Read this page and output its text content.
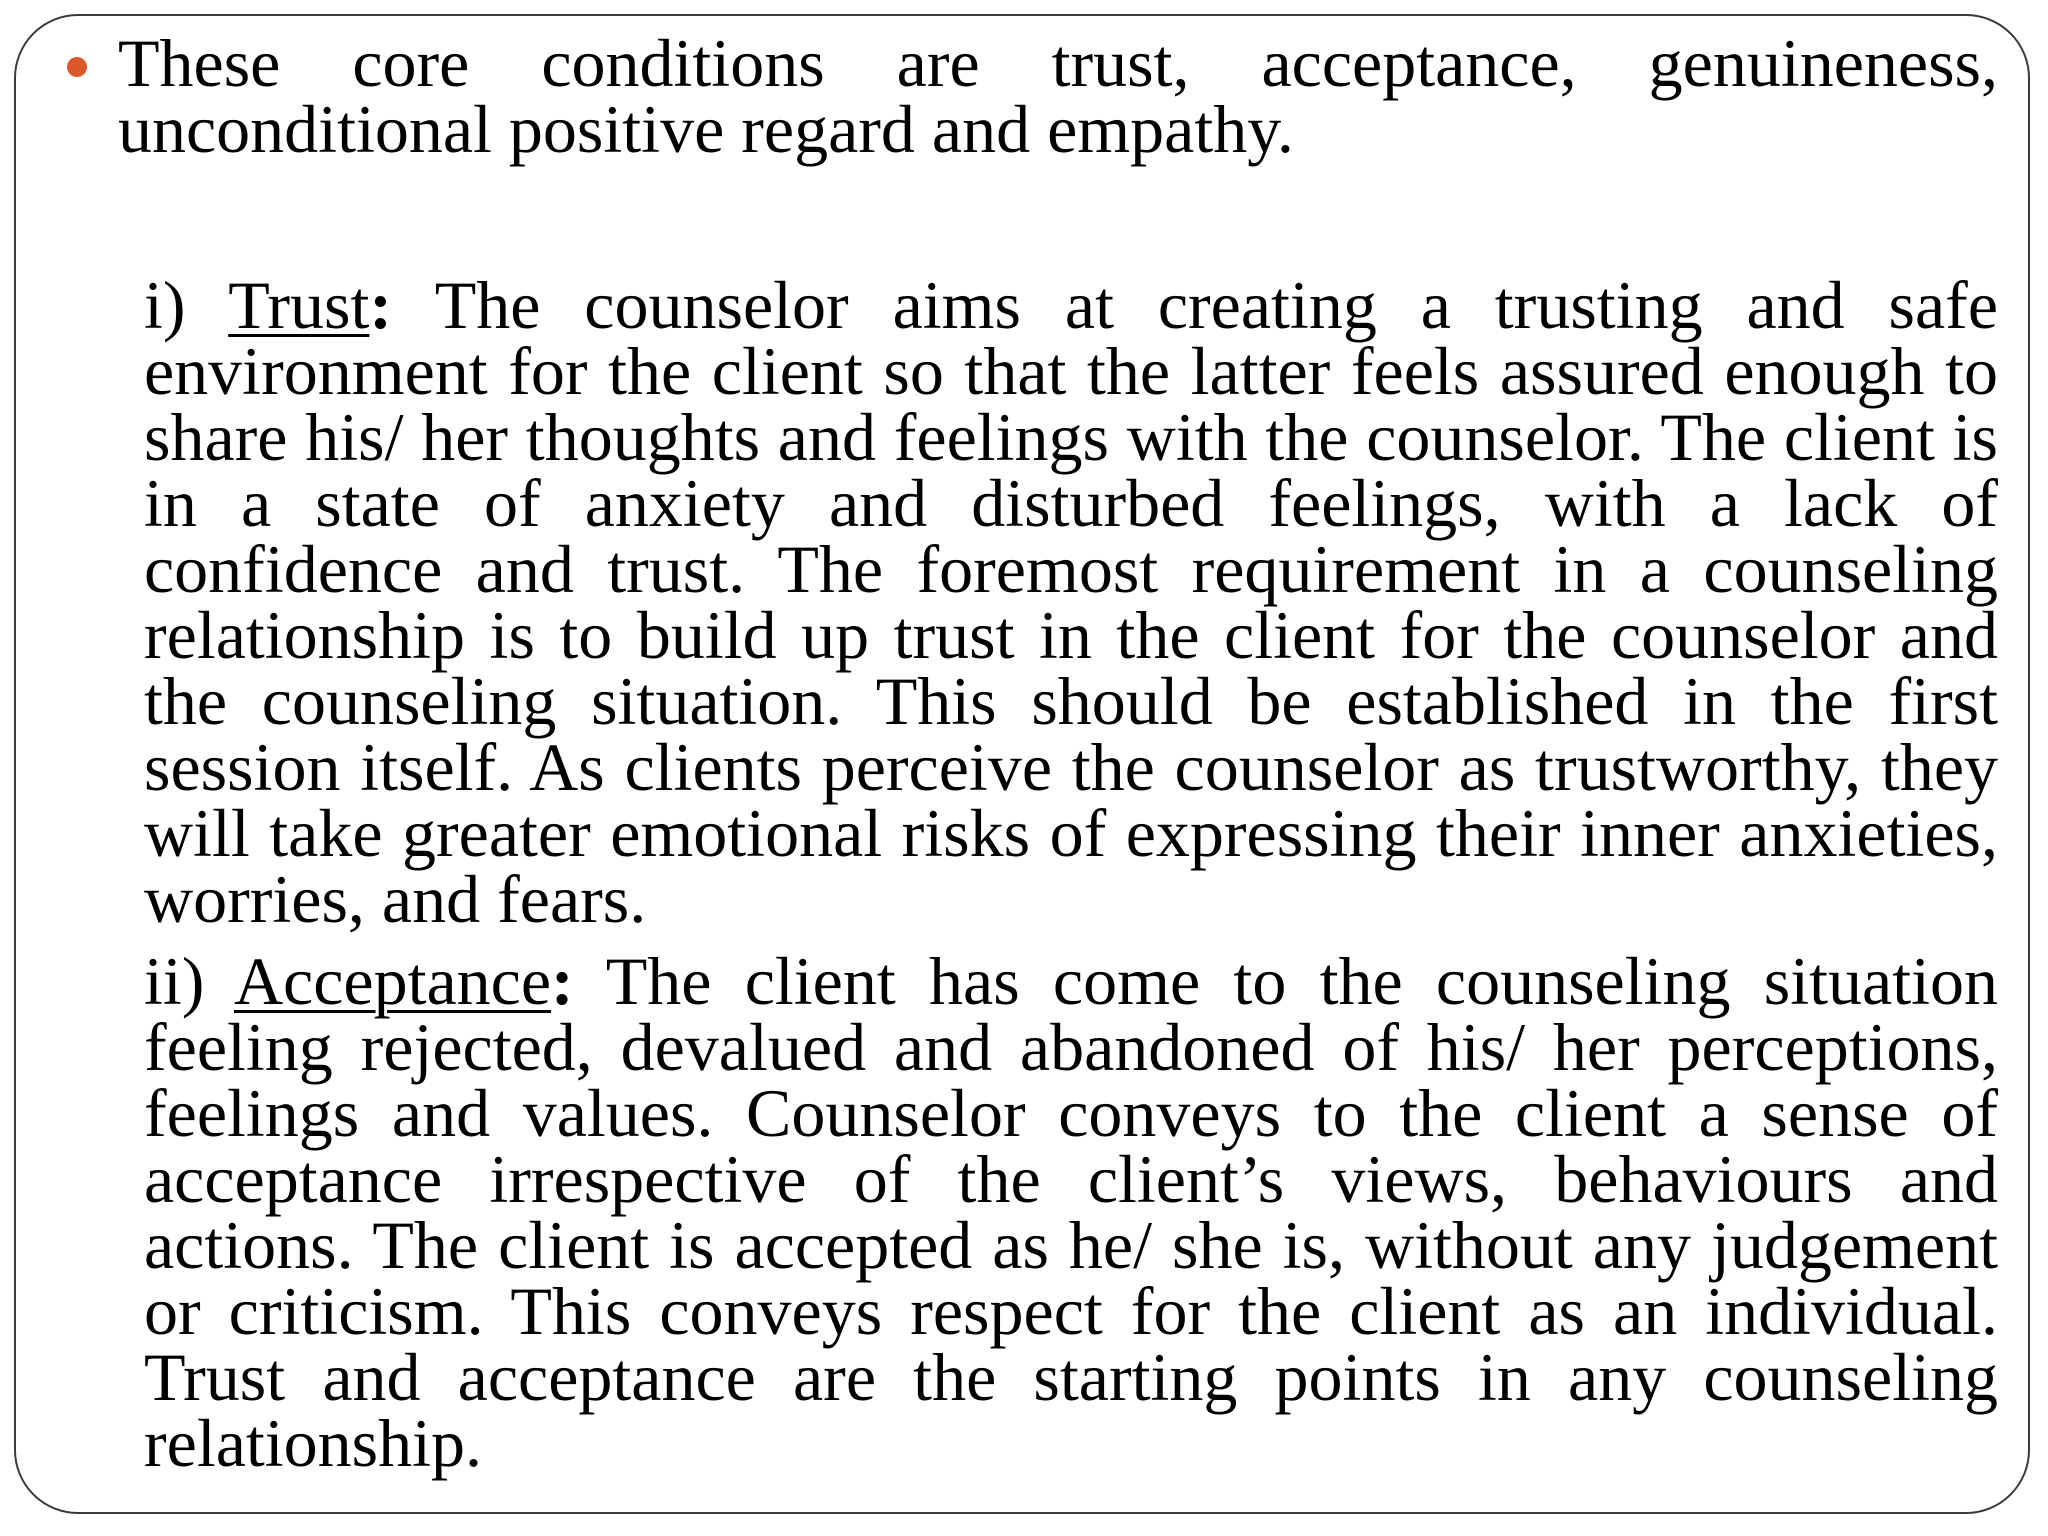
These core conditions are trust, acceptance, genuineness, unconditional positive regard and empathy.

i) Trust: The counselor aims at creating a trusting and safe environment for the client so that the latter feels assured enough to share his/ her thoughts and feelings with the counselor. The client is in a state of anxiety and disturbed feelings, with a lack of confidence and trust. The foremost requirement in a counseling relationship is to build up trust in the client for the counselor and the counseling situation. This should be established in the first session itself. As clients perceive the counselor as trustworthy, they will take greater emotional risks of expressing their inner anxieties, worries, and fears.

ii) Acceptance: The client has come to the counseling situation feeling rejected, devalued and abandoned of his/ her perceptions, feelings and values. Counselor conveys to the client a sense of acceptance irrespective of the client’s views, behaviours and actions. The client is accepted as he/ she is, without any judgement or criticism. This conveys respect for the client as an individual. Trust and acceptance are the starting points in any counseling relationship.
